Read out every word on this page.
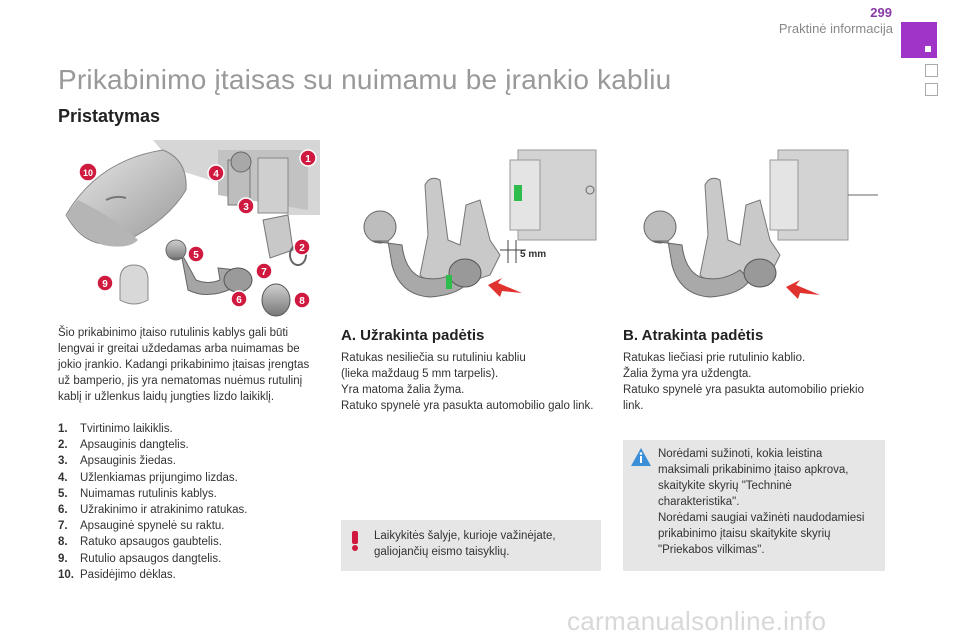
299
Praktinė informacija
Prikabinimo įtaisas su nuimamu be įrankio kabliu
Pristatymas
1
2
3
4
5
6
7
8
9
10
Šio prikabinimo įtaiso rutulinis kablys gali būti lengvai ir greitai uždedamas arba nuimamas be jokio įrankio. Kadangi prikabinimo įtaisas įrengtas už bamperio, jis yra nematomas nuėmus rutulinį kablį ir užlenkus laidų jungties lizdo laikiklį.
1.	Tvirtinimo laikiklis.
2.	Apsauginis dangtelis.
3.	Apsauginis žiedas.
4.	Užlenkiamas prijungimo lizdas.
5.	Nuimamas rutulinis kablys.
6.	Užrakinimo ir atrakinimo ratukas.
7.	Apsauginė spynelė su raktu.
8.	Ratuko apsaugos gaubtelis.
9.	Rutulio apsaugos dangtelis.
10. Pasidėjimo dėklas.
5 mm
A. Užrakinta padėtis
Ratukas nesiliečia su rutuliniu kabliu
(lieka maždaug 5 mm tarpelis).
Yra matoma žalia žyma.
Ratuko spynelė yra pasukta automobilio galo link.
Laikykitės šalyje, kurioje važinėjate, galiojančių eismo taisyklių.
B. Atrakinta padėtis
Ratukas liečiasi prie rutulinio kablio.
Žalia žyma yra uždengta.
Ratuko spynelė yra pasukta automobilio priekio link.
Norėdami sužinoti, kokia leistina maksimali prikabinimo įtaiso apkrova, skaitykite skyrių "Techninė charakteristika".
Norėdami saugiai važinėti naudodamiesi prikabinimo įtaisu skaitykite skyrių "Priekabos vilkimas".
carmanualsonline.info
